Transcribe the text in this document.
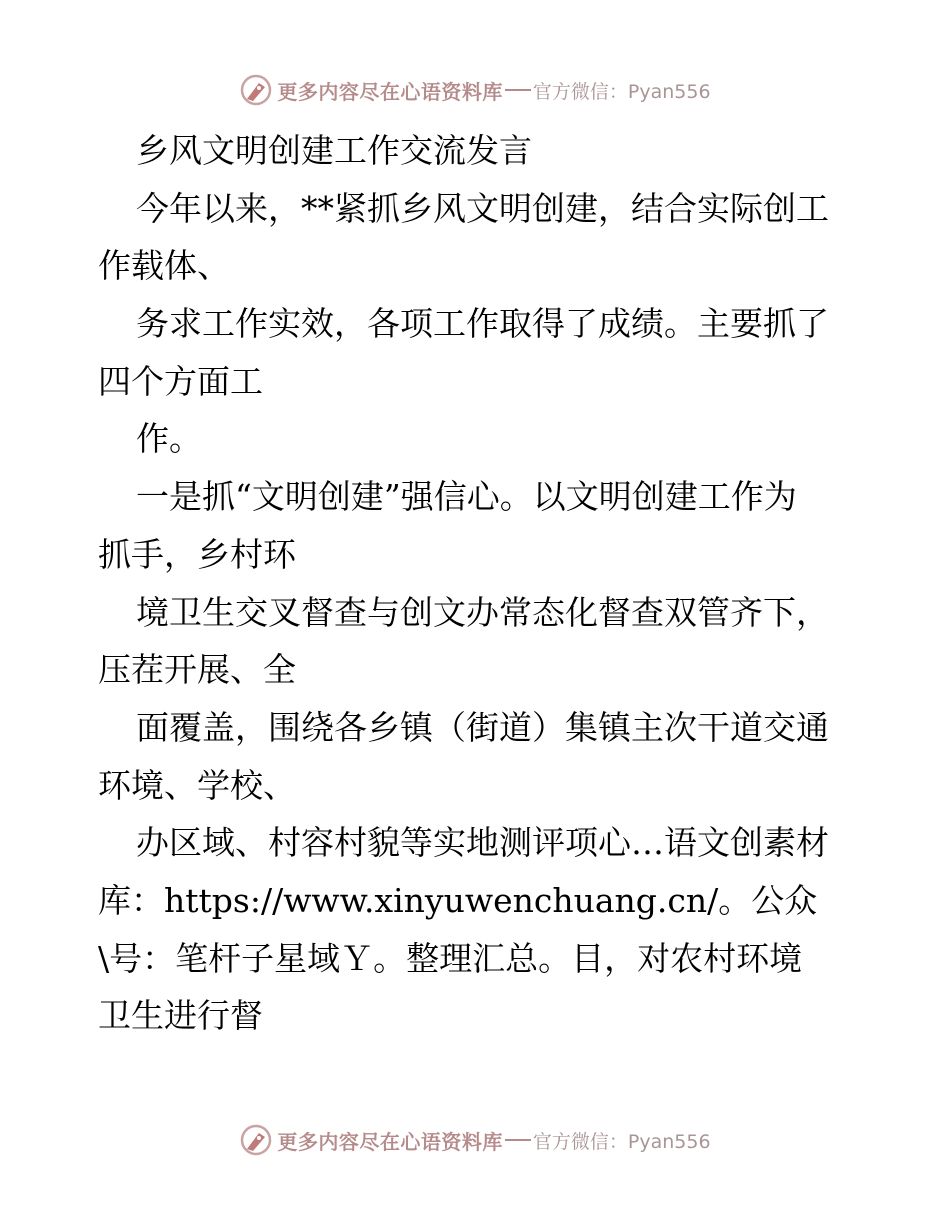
更多内容尽在心语资料库 官方微信：Pyan556
乡风文明创建工作交流发言
今年以来，**紧抓乡风文明创建，结合实际创工
作载体、
务求工作实效，各项工作取得了成绩。主要抓了
四个方面工
作。
一是抓“文明创建”强信心。以文明创建工作为
抓手，乡村环
境卫生交叉督查与创文办常态化督查双管齐下，
压茬开展、全
面覆盖，围绕各乡镇（街道）集镇主次干道交通
环境、学校、
办区域、村容村貌等实地测评项心…语文创素材
库：https://www.xinyuwenchuang.cn/。公众
\号：笔杆子星域Ｙ。整理汇总。目，对农村环境
卫生进行督
更多内容尽在心语资料库 官方微信：Pyan556
